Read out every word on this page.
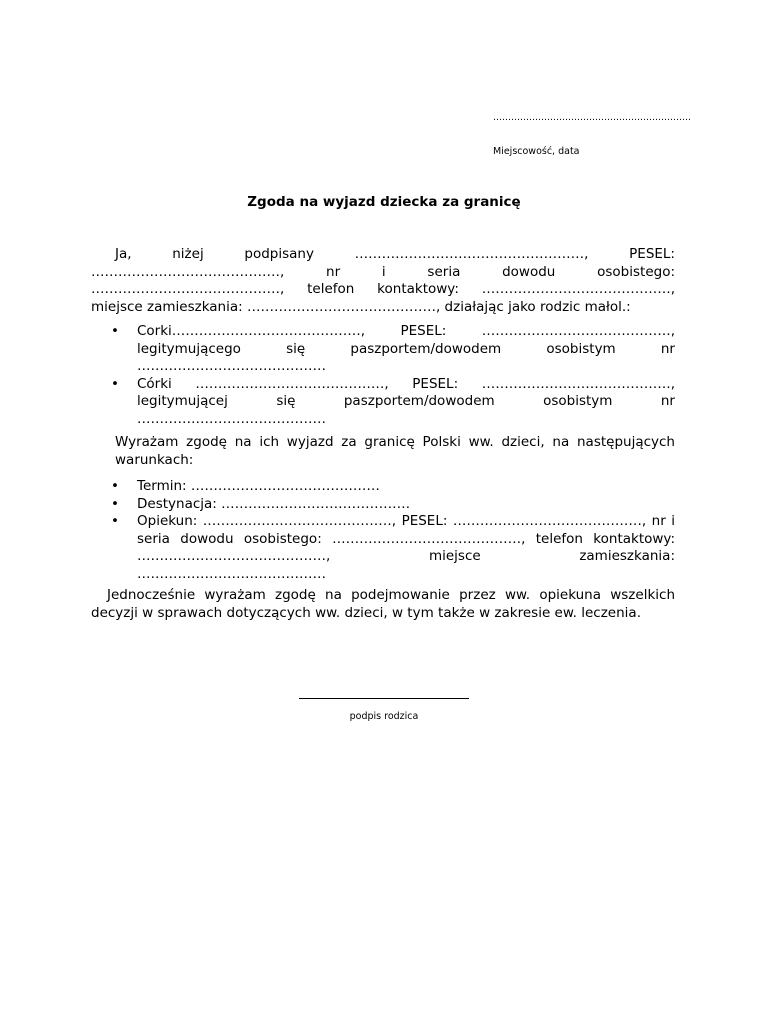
…………………………………………………………
Miejscowość, data
Zgoda na wyjazd dziecka za granicę
Ja, niżej podpisany ……………………………………………, PESEL: ……………………………………, nr i seria dowodu osobistego: ……………………………………, telefon kontaktowy: ……………………………………, miejsce zamieszkania: ……………………………………, działając jako rodzic małol.:
• Corki……………………………………, PESEL: ……………………………………, legitymującego się paszportem/dowodem osobistym nr ……………………………………
• Córki ……………………………………, PESEL: ……………………………………, legitymującej się paszportem/dowodem osobistym nr ……………………………………
Wyrażam zgodę na ich wyjazd za granicę Polski ww. dzieci, na następujących warunkach:
• Termin: ……………………………………
• Destynacja: ……………………………………
• Opiekun: ……………………………………, PESEL: ……………………………………, nr i seria dowodu osobistego: ……………………………………, telefon kontaktowy: ……………………………………, miejsce zamieszkania: ……………………………………
Jednocześnie wyrażam zgodę na podejmowanie przez ww. opiekuna wszelkich decyzji w sprawach dotyczących ww. dzieci, w tym także w zakresie ew. leczenia.
podpis rodzica
